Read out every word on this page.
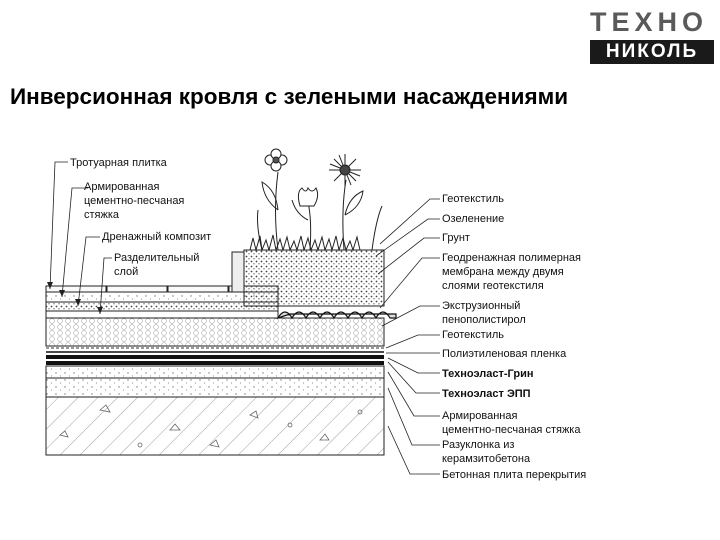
ТЕХНО
НИКОЛЬ
Инверсионная кровля с зелеными насаждениями
Тротуарная плитка
Армированная цементно-песчаная стяжка
Дренажный композит
Разделительный слой
Геотекстиль
Озеленение
Грунт
Геодренажная полимерная мембрана между двумя слоями геотекстиля
Экструзионный пенополистирол
Геотекстиль
Полиэтиленовая пленка
Техноэласт-Грин
Техноэласт ЭПП
Армированная цементно-песчаная стяжка
Разуклонка из керамзитобетона
Бетонная плита перекрытия
